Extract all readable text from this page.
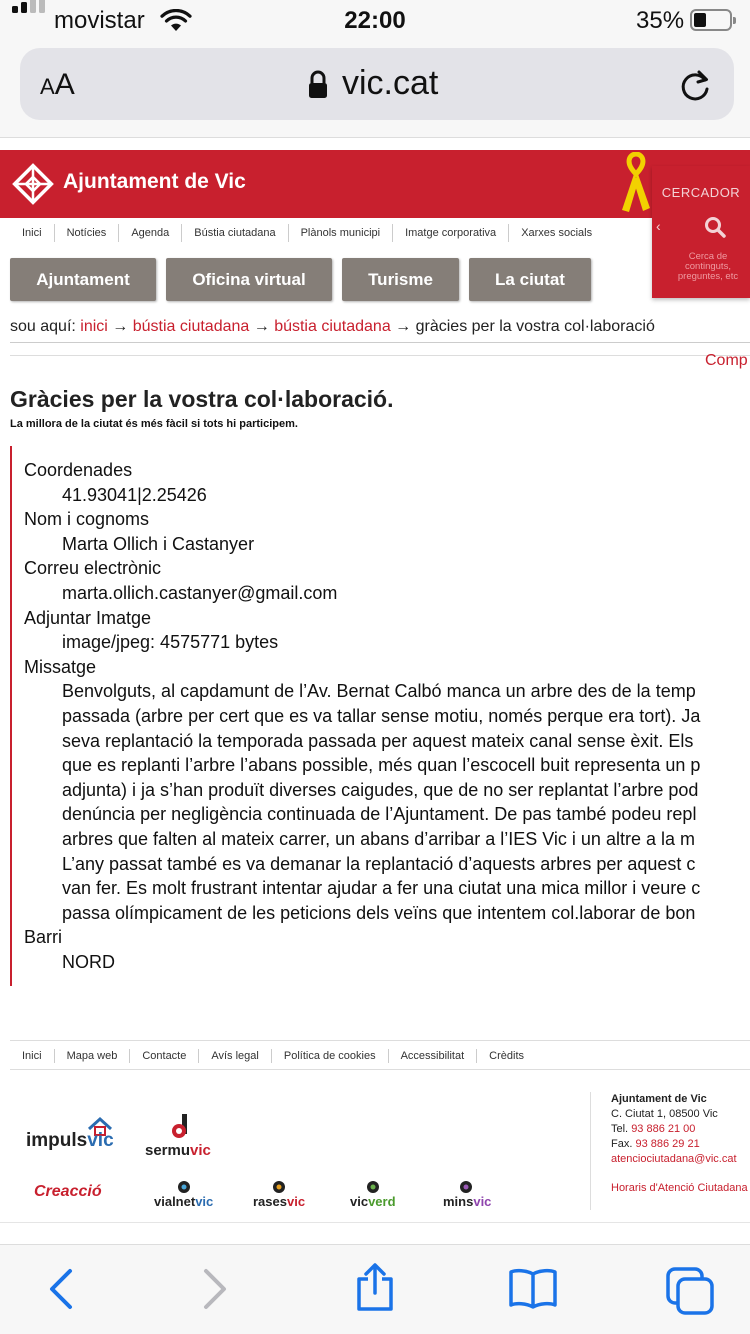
movistar	22:00	35%
AA	vic.cat
Ajuntament de Vic	CERCADOR
‹
Cerca de continguts, preguntes, etc
Inici Notícies Agenda Bústia ciutadana Plànols municipi Imatge corporativa Xarxes socials
Ajuntament	Oficina virtual	Turisme	La ciutat
sou aquí: inici → bústia ciutadana → bústia ciutadana → gràcies per la vostra col·laboració
Comp
Gràcies per la vostra col·laboració.
La millora de la ciutat és més fàcil si tots hi participem.
Coordenades
41.93041|2.25426
Nom i cognoms
Marta Ollich i Castanyer
Correu electrònic
marta.ollich.castanyer@gmail.com
Adjuntar Imatge
image/jpeg: 4575771 bytes
Missatge
Benvolguts, al capdamunt de l’Av. Bernat Calbó manca un arbre des de la temp
passada (arbre per cert que es va tallar sense motiu, només perque era tort). Ja
seva replantació la temporada passada per aquest mateix canal sense èxit. Els
que es replanti l’arbre l’abans possible, més quan l’escocell buit representa un p
adjunta) i ja s’han produït diverses caigudes, que de no ser replantat l’arbre pod
denúncia per negligència continuada de l’Ajuntament. De pas també podeu repl
arbres que falten al mateix carrer, un abans d’arribar a l’IES Vic i un altre a la m
L’any passat també es va demanar la replantació d’aquests arbres per aquest c
van fer. Es molt frustrant intentar ajudar a fer una ciutat una mica millor i veure c
passa olímpicament de les peticions dels veïns que intentem col.laborar de bon
Barri
NORD
Inici Mapa web Contacte Avís legal Política de cookies Accessibilitat Crèdits
impulsvic sermuvic
Creacció
vialnetvic	rasesvic	vicverd	minsvic
Ajuntament de Vic
C. Ciutat 1, 08500 Vic
Tel. 93 886 21 00
Fax. 93 886 29 21
atenciociutadana@vic.cat
Horaris d'Atenció Ciutadana
